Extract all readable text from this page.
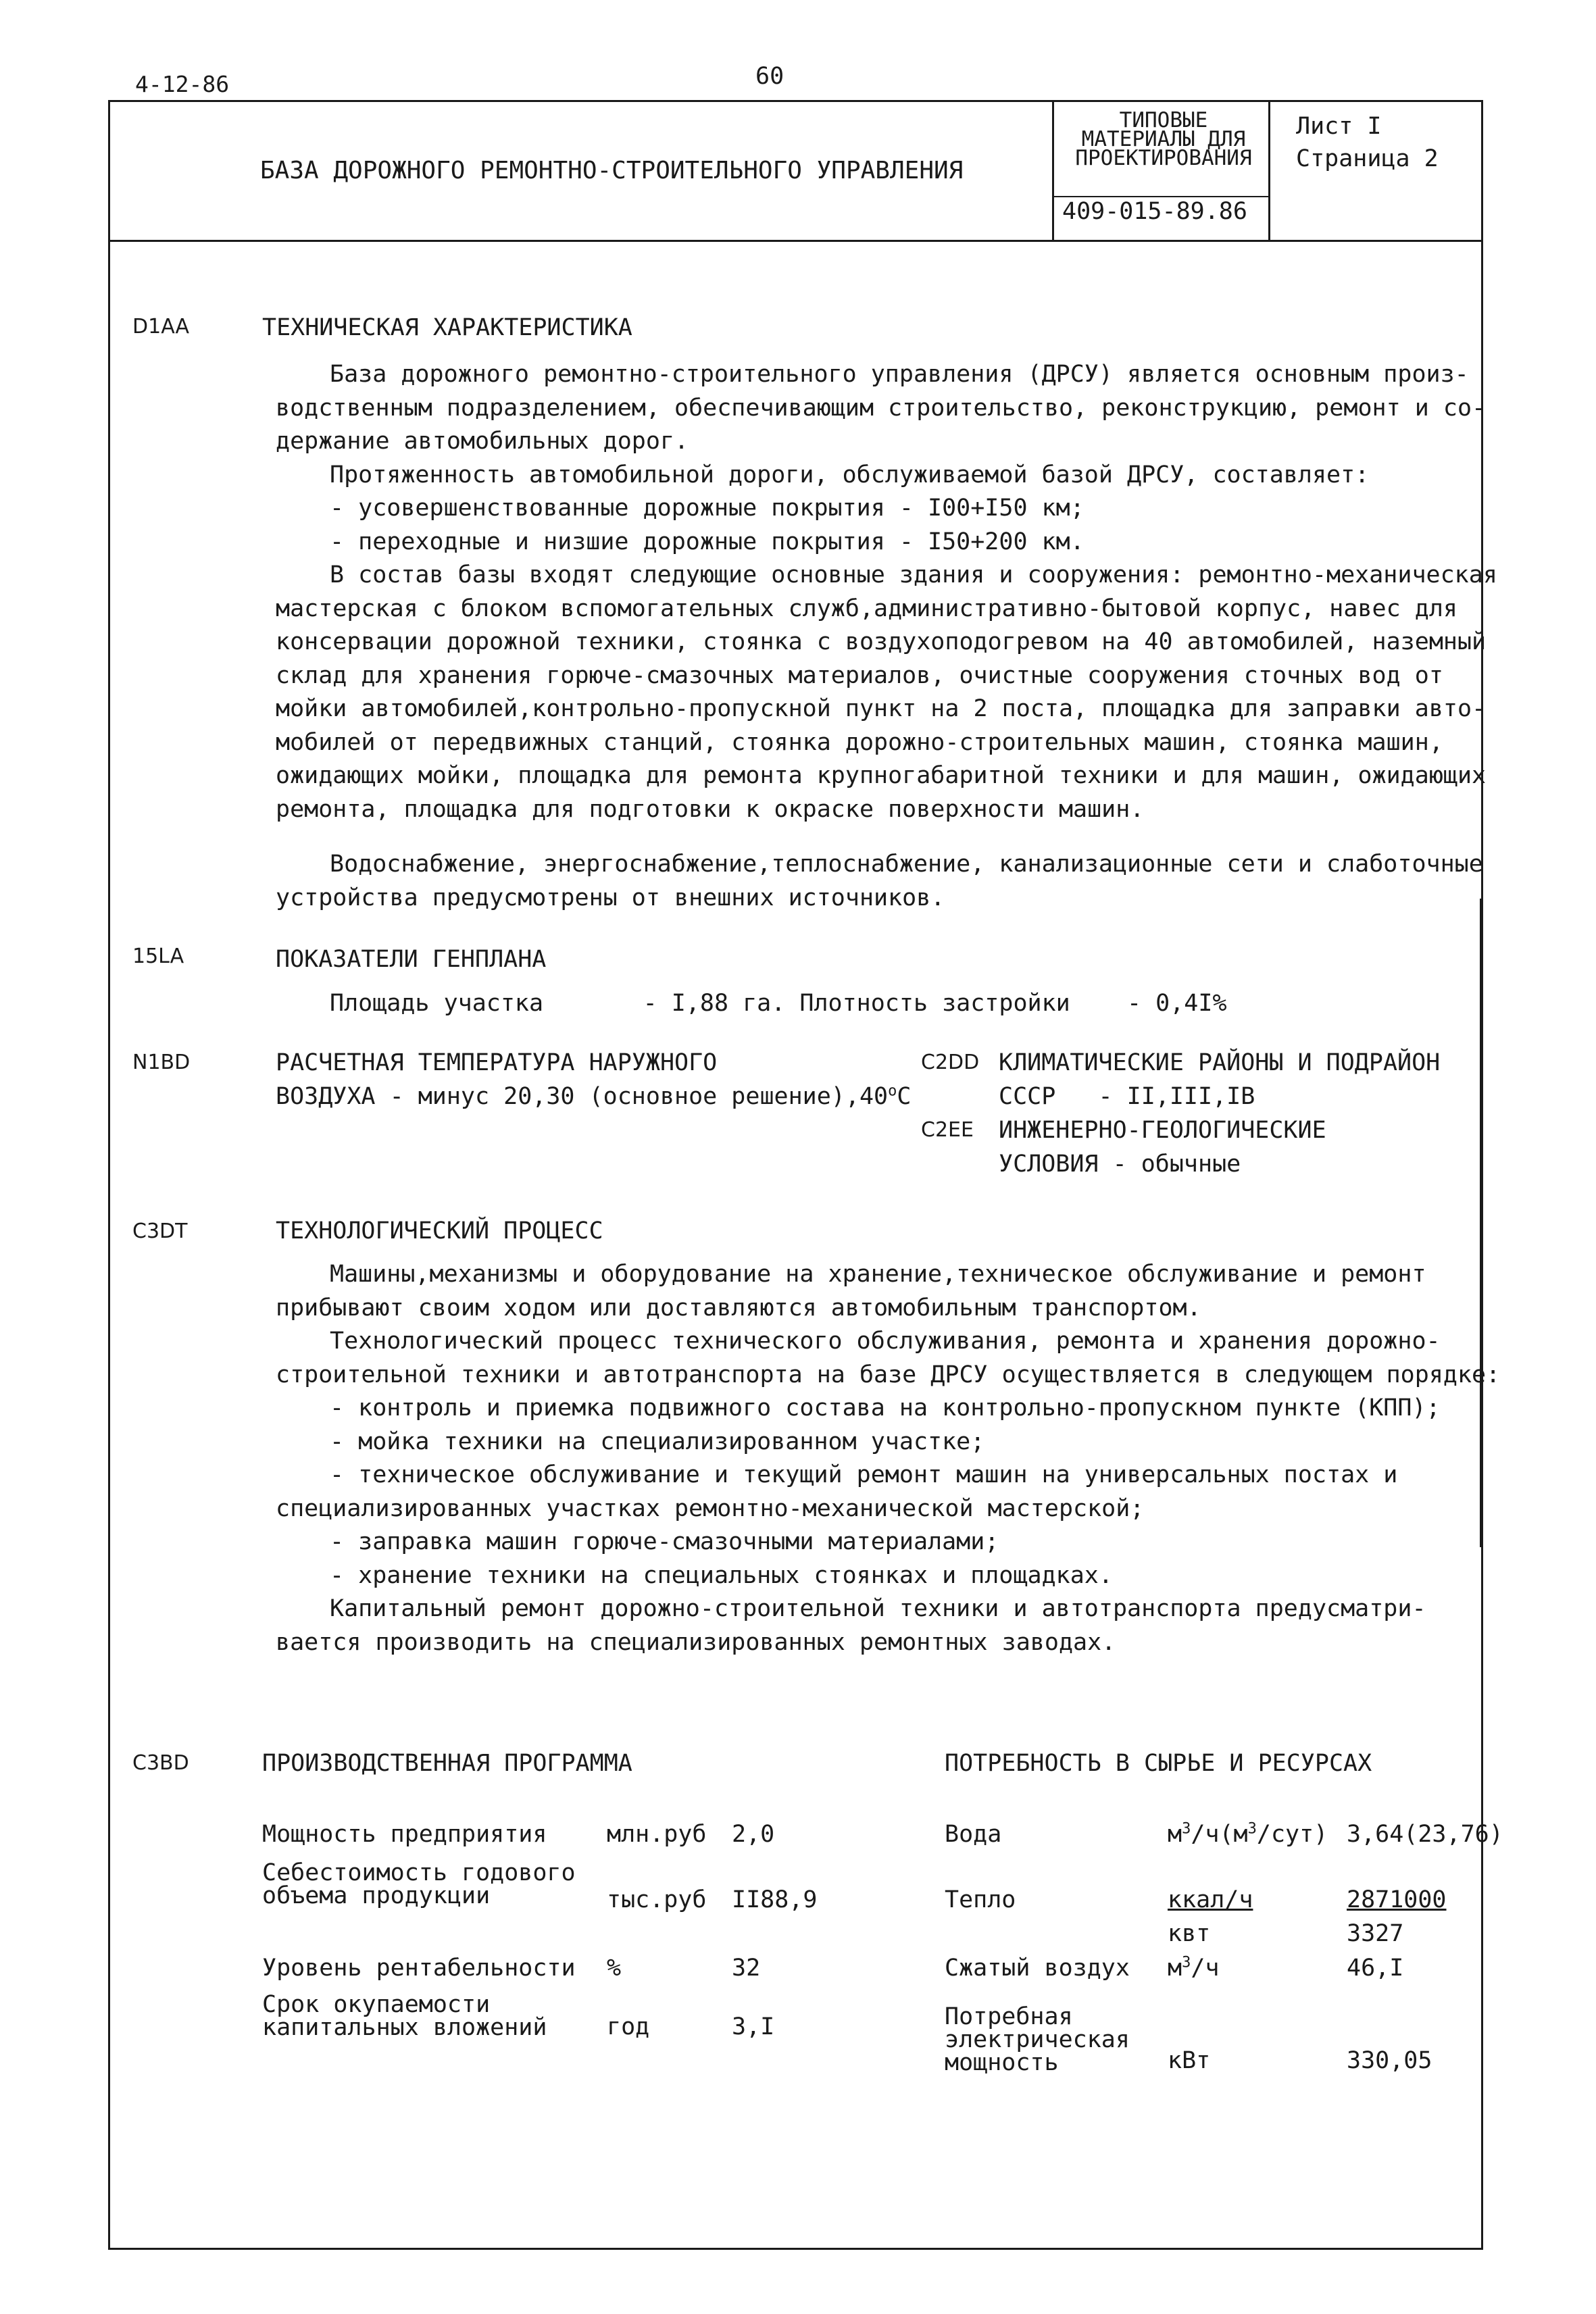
4-12-86	60
БАЗА ДОРОЖНОГО РЕМОНТНО-СТРОИТЕЛЬНОГО УПРАВЛЕНИЯ
ТИПОВЫЕ
МАТЕРИАЛЫ ДЛЯ
ПРОЕКТИРОВАНИЯ
409-015-89.86
Лист I
Страница 2
D1AA
15LA
N1BD	C2DD
C2EE
C3DT
C3BD
ТЕХНИЧЕСКАЯ ХАРАКТЕРИСТИКА
База дорожного ремонтно-строительного управления (ДРСУ) является основным произ-
водственным подразделением, обеспечивающим строительство, реконструкцию, ремонт и со-
держание автомобильных дорог.
Протяженность автомобильной дороги, обслуживаемой базой ДРСУ, составляет:
- усовершенствованные дорожные покрытия - I00+I50 км;
- переходные и низшие дорожные покрытия - I50+200 км.
В состав базы входят следующие основные здания и сооружения: ремонтно-механическая
мастерская с блоком вспомогательных служб,административно-бытовой корпус, навес для
консервации дорожной техники, стоянка с воздухоподогревом на 40 автомобилей, наземный
склад для хранения горюче-смазочных материалов, очистные сооружения сточных вод от
мойки автомобилей,контрольно-пропускной пункт на 2 поста, площадка для заправки авто-
мобилей от передвижных станций, стоянка дорожно-строительных машин, стоянка машин,
ожидающих мойки, площадка для ремонта крупногабаритной техники и для машин, ожидающих
ремонта, площадка для подготовки к окраске поверхности машин.
Водоснабжение, энергоснабжение,теплоснабжение, канализационные сети и слаботочные
устройства предусмотрены от внешних источников.
ПОКАЗАТЕЛИ ГЕНПЛАНА
Площадь участка       - I,88 га. Плотность застройки    - 0,4I%
РАСЧЕТНАЯ ТЕМПЕРАТУРА НАРУЖНОГО
ВОЗДУХА - минус 20,30 (основное $решение),40^оС$
КЛИМАТИЧЕСКИЕ РАЙОНЫ И ПОДРАЙОН
СССР   - II,III,IB
ИНЖЕНЕРНО-ГЕОЛОГИЧЕСКИЕ
УСЛОВИЯ - обычные
ТЕХНОЛОГИЧЕСКИЙ ПРОЦЕСС
Машины,механизмы и оборудование на хранение,техническое обслуживание и ремонт
прибывают своим ходом или доставляются автомобильным транспортом.
Технологический процесс технического обслуживания, ремонта и хранения дорожно-
строительной техники и автотранспорта на базе ДРСУ осуществляется в следующем порядке:
- контроль и приемка подвижного состава на контрольно-пропускном пункте (КПП);
- мойка техники на специализированном участке;
- техническое обслуживание и текущий ремонт машин на универсальных постах и
специализированных участках ремонтно-механической мастерской;
- заправка машин горюче-смазочными материалами;
- хранение техники на специальных стоянках и площадках.
Капитальный ремонт дорожно-строительной техники и автотранспорта предусматри-
вается производить на специализированных ремонтных заводах.
ПРОИЗВОДСТВЕННАЯ ПРОГРАММА
Мощность предприятия	млн.руб 2,0
Себестоимость годового
объема продукции	тыс.руб II88,9
Уровень рентабельности %	32
Срок окупаемости
капитальных вложений	год	3,I
ПОТРЕБНОСТЬ В СЫРЬЕ И РЕСУРСАХ
Вода	$м^3/ч(м^3/сут)$ 3,64(23,76)
Тепло	ккал/ч	2871000
квт	3327
Сжатый воздух $м^3/ч$	46,I
Потребная
электрическая
мощность	кВт	330,05
